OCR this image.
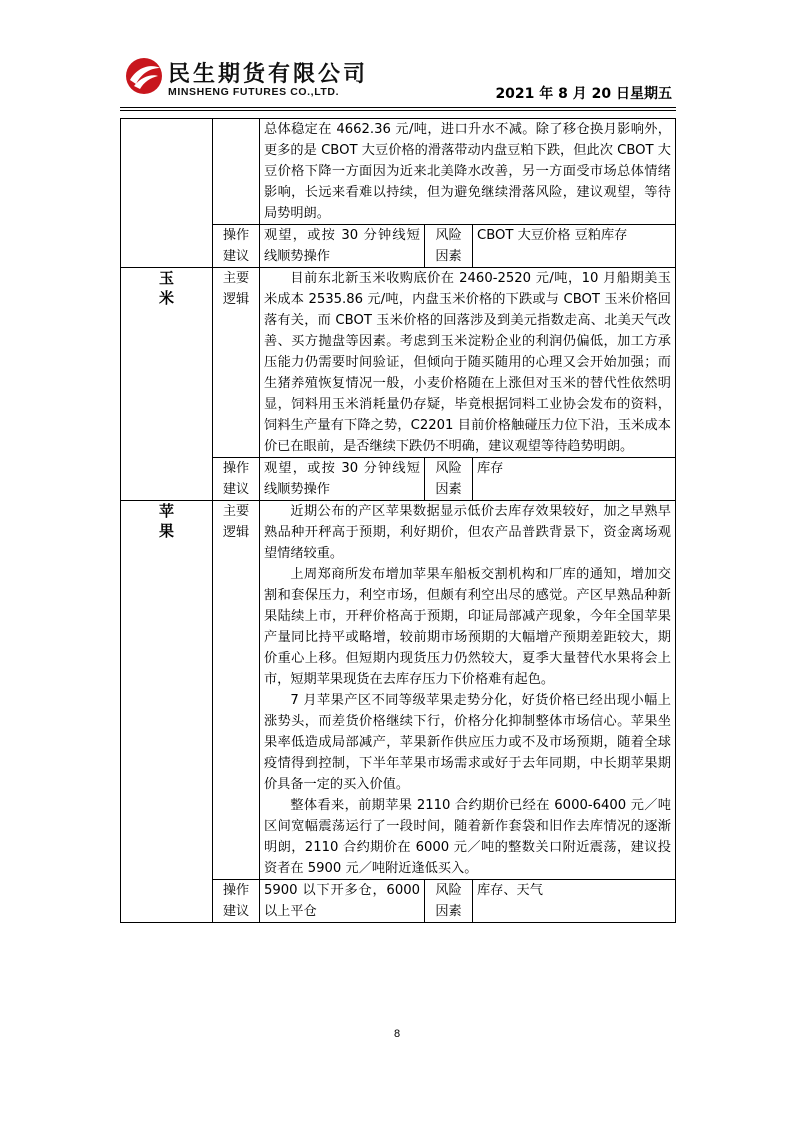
民生期货有限公司
MINSHENG FUTURES CO.,LTD.	2021 年 8 月 20 日星期五

		总体稳定在 4662.36 元/吨，进口升水不减。除了移仓换月影响外，更多的是 CBOT 大豆价格的滑落带动内盘豆粕下跌，但此次 CBOT 大豆价格下降一方面因为近来北美降水改善，另一方面受市场总体情绪影响，长远来看难以持续，但为避免继续滑落风险，建议观望，等待局势明朗。		

	操作建议	观望，或按 30 分钟线短线顺势操作	风险因素	CBOT 大豆价格 豆粕库存
玉米	主要逻辑	目前东北新玉米收购底价在 2460-2520 元/吨，10 月船期美玉米成本 2535.86 元/吨，内盘玉米价格的下跌或与 CBOT 玉米价格回落有关，而 CBOT 玉米价格的回落涉及到美元指数走高、北美天气改善、买方抛盘等因素。考虑到玉米淀粉企业的利润仍偏低，加工方承压能力仍需要时间验证，但倾向于随买随用的心理又会开始加强；而生猪养殖恢复情况一般，小麦价格随在上涨但对玉米的替代性依然明显，饲料用玉米消耗量仍存疑，毕竟根据饲料工业协会发布的资料，饲料生产量有下降之势，C2201 目前价格触碰压力位下沿，玉米成本价已在眼前，是否继续下跌仍不明确，建议观望等待趋势明朗。		

	操作建议	观望，或按 30 分钟线短线顺势操作	风险因素	库存
苹果	主要逻辑	近期公布的产区苹果数据显示低价去库存效果较好，加之早熟早熟品种开秤高于预期，利好期价，但农产品普跌背景下，资金离场观望情绪较重。

上周郑商所发布增加苹果车船板交割机构和厂库的通知，增加交割和套保压力，利空市场，但颇有利空出尽的感觉。产区早熟品种新果陆续上市，开秤价格高于预期，印证局部减产现象，今年全国苹果产量同比持平或略增，较前期市场预期的大幅增产预期差距较大，期价重心上移。但短期内现货压力仍然较大，夏季大量替代水果将会上市，短期苹果现货在去库存压力下价格难有起色。

7 月苹果产区不同等级苹果走势分化，好货价格已经出现小幅上涨势头，而差货价格继续下行，价格分化抑制整体市场信心。苹果坐果率低造成局部减产，苹果新作供应压力或不及市场预期，随着全球疫情得到控制，下半年苹果市场需求或好于去年同期，中长期苹果期价具备一定的买入价值。

整体看来，前期苹果 2110 合约期价已经在 6000-6400 元／吨区间宽幅震荡运行了一段时间，随着新作套袋和旧作去库情况的逐渐明朗，2110 合约期价在 6000 元／吨的整数关口附近震荡，建议投资者在 5900 元／吨附近逢低买入。		

	操作建议	5900 以下开多仓，6000 以上平仓	风险因素	库存、天气
8
